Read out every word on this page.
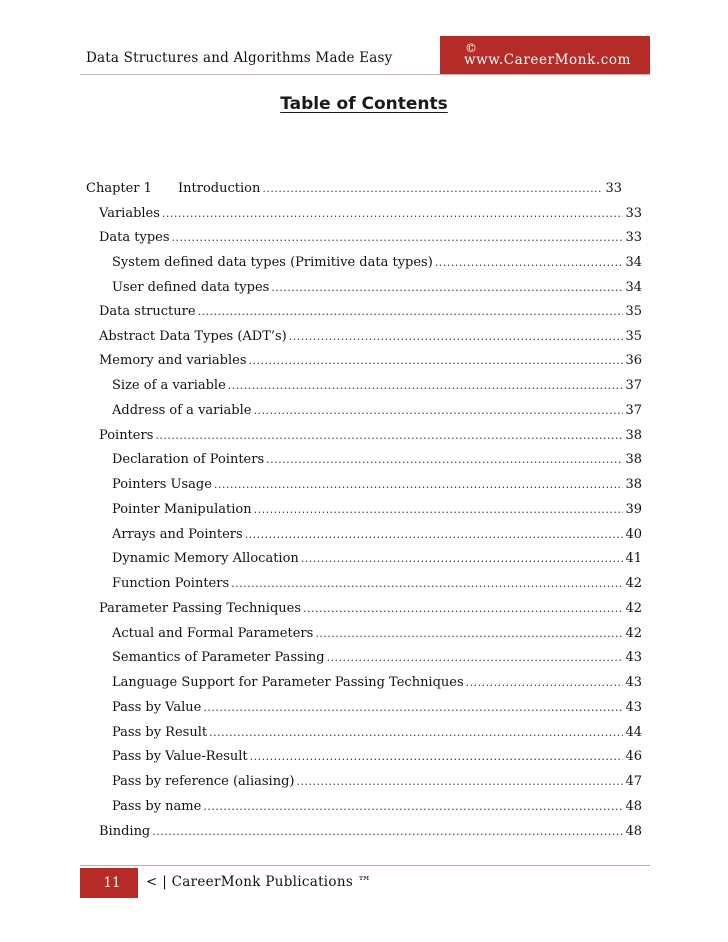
Data Structures and Algorithms Made Easy
©
www.CareerMonk.com
Table of Contents
Chapter 1 Introduction .....	33
Variables .....	33
Data types .....	33
System defined data types (Primitive data types) .....	34
User defined data types .....	34
Data structure .....	35
Abstract Data Types (ADT’s) .....	35
Memory and variables .....	36
Size of a variable .....	37
Address of a variable .....	37
Pointers .....	38
Declaration of Pointers .....	38
Pointers Usage .....	38
Pointer Manipulation .....	39
Arrays and Pointers .....	40
Dynamic Memory Allocation .....	41
Function Pointers .....	42
Parameter Passing Techniques .....	42
Actual and Formal Parameters .....	42
Semantics of Parameter Passing .....	43
Language Support for Parameter Passing Techniques .....	43
Pass by Value .....	43
Pass by Result .....	44
Pass by Value-Result .....	46
Pass by reference (aliasing) .....	47
Pass by name .....	48
Binding .....	48
11 < | CareerMonk Publications ™
